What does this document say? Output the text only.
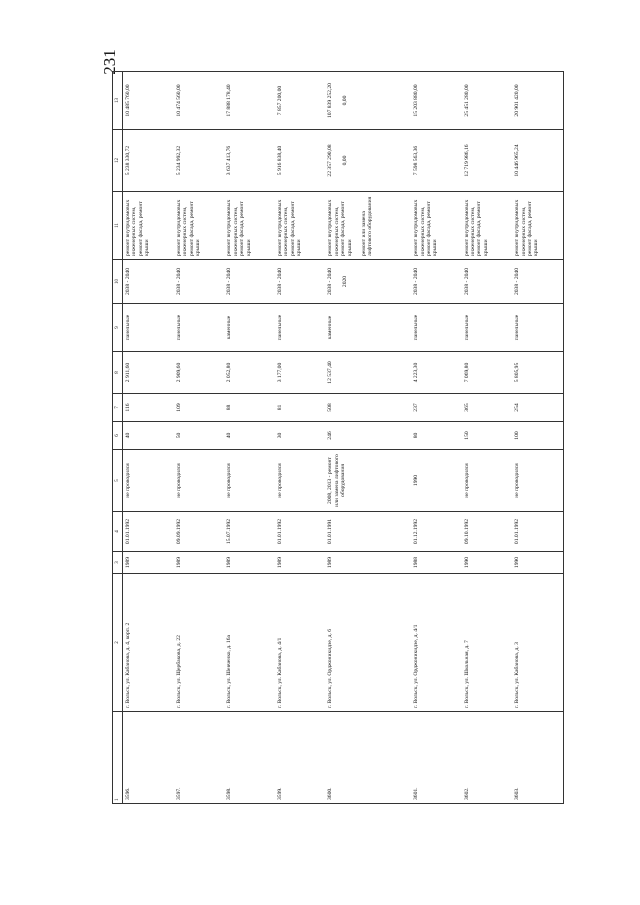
231
1	2	3	4	5	6	7	8	9	10	11	12	13
3596.	г. Вольск, ул. Кабанова, д. 4, корп. 2	1989	01.01.1992	не проводился	40	116	2 911,60	панельные	2038 - 2040	ремонт внутридомовых инженерных систем, ремонт фасада, ремонт крыши	5 238 330,72	10 485 760,00
3597.	г. Вольск, ул. Щербакова, д. 22	1989	09.09.1992	не проводился	50	109	2 909,60	панельные	2038 - 2040	ремонт внутридомовых инженерных систем, ремонт фасада, ремонт крыши	5 234 992,32	10 474 560,00
3598.	г. Вольск, ул. Шевченко, д. 16а	1989	15.07.1992	не проводился	40	88	2 052,80	каменные	2038 - 2040	ремонт внутридомовых инженерных систем, ремонт фасада, ремонт крыши	3 637 413,76	17 888 178,40
3599.	г. Вольск, ул. Кабанова, д. 4/1	1989	01.01.1992	не проводился	30	81	3 177,00	панельные	2038 - 2040	ремонт внутридомовых инженерных систем, ремонт фасада, ремонт крыши	5 916 838,40	7 857 200,00
3600.	г. Вольск, ул. Орджоникидзе, д. 6	1989	01.01.1991	2008, 2013 - ремонт или замена лифтового оборудования	246	508	12 537,40	каменные	2038 - 2040 2020	ремонт внутридомовых инженерных систем, ремонт фасада, ремонт крыши ремонт или замена лифтового оборудования	22 357 290,08 0,00	107 839 252,20 0,00

3601.	г. Вольск, ул. Орджоникидзе, д. 4/1	1988	01.12.1992	1990	80	237	4 223,30	панельные	2038 - 2040	ремонт внутридомовых инженерных систем, ремонт фасада, ремонт крыши	7 598 563,36	15 203 880,00
3602.	г. Вольск, ул. Школьная, д. 7	1990	09.10.1992	не проводился	150	365	7 069,80	панельные	2038 - 2040	ремонт внутридомовых инженерных систем, ремонт фасада, ремонт крыши	12 719 986,16	25 451 280,00
3603.	г. Вольск, ул. Кабанова, д. 3	1990	01.01.1992	не проводился	100	254	5 805,95	панельные	2038 - 2040	ремонт внутридомовых инженерных систем, ремонт фасада, ремонт крыши	10 446 965,24	20 901 420,00
